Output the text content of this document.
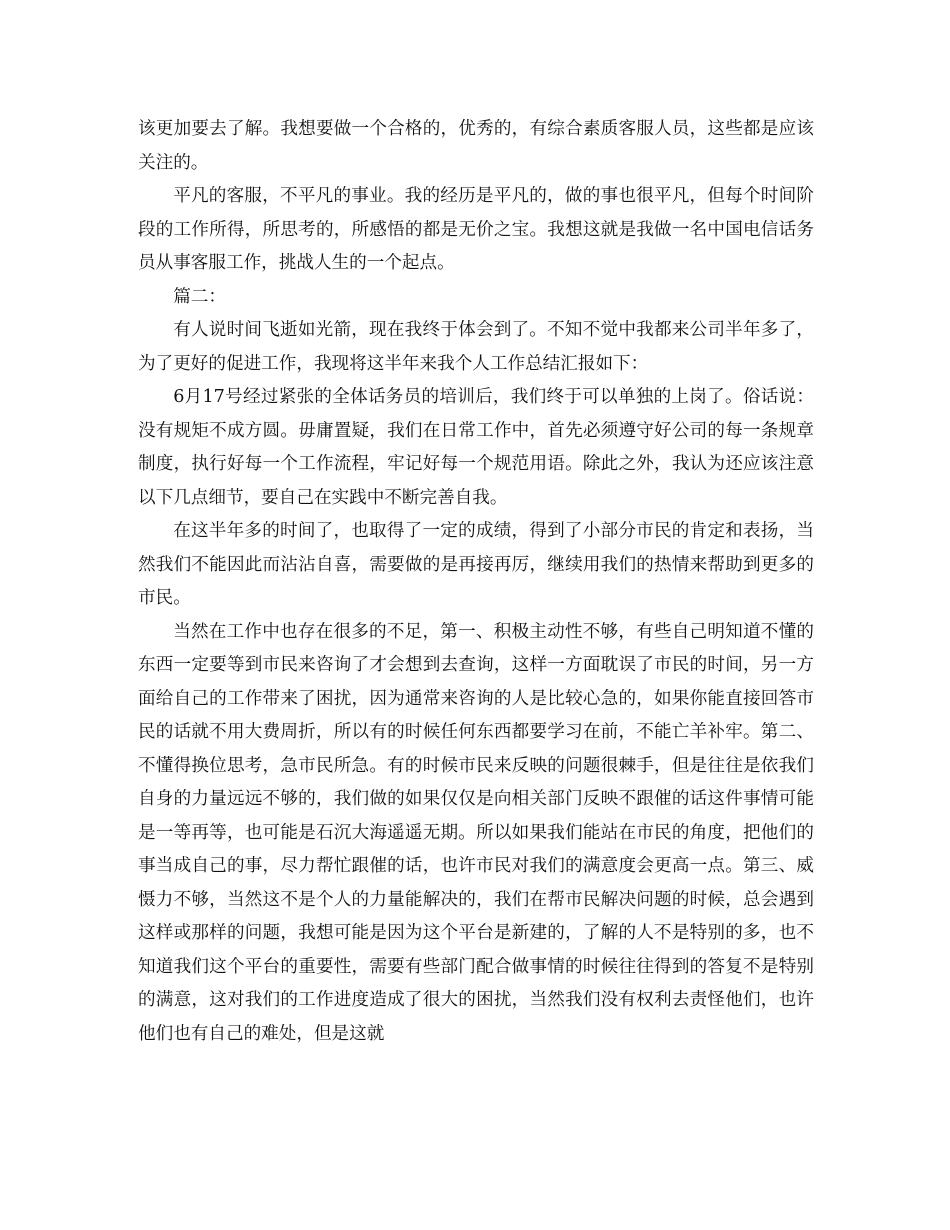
该更加要去了解。我想要做一个合格的，优秀的，有综合素质客服人员，这些都是应该关注的。

平凡的客服，不平凡的事业。我的经历是平凡的，做的事也很平凡，但每个时间阶段的工作所得，所思考的，所感悟的都是无价之宝。我想这就是我做一名中国电信话务员从事客服工作，挑战人生的一个起点。

篇二：

有人说时间飞逝如光箭，现在我终于体会到了。不知不觉中我都来公司半年多了，为了更好的促进工作，我现将这半年来我个人工作总结汇报如下：

6月17号经过紧张的全体话务员的培训后，我们终于可以单独的上岗了。俗话说：没有规矩不成方圆。毋庸置疑，我们在日常工作中，首先必须遵守好公司的每一条规章制度，执行好每一个工作流程，牢记好每一个规范用语。除此之外，我认为还应该注意以下几点细节，要自己在实践中不断完善自我。

在这半年多的时间了，也取得了一定的成绩，得到了小部分市民的肯定和表扬，当然我们不能因此而沾沾自喜，需要做的是再接再厉，继续用我们的热情来帮助到更多的市民。

当然在工作中也存在很多的不足，第一、积极主动性不够，有些自己明知道不懂的东西一定要等到市民来咨询了才会想到去查询，这样一方面耽误了市民的时间，另一方面给自己的工作带来了困扰，因为通常来咨询的人是比较心急的，如果你能直接回答市民的话就不用大费周折，所以有的时候任何东西都要学习在前，不能亡羊补牢。第二、不懂得换位思考，急市民所急。有的时候市民来反映的问题很棘手，但是往往是依我们自身的力量远远不够的，我们做的如果仅仅是向相关部门反映不跟催的话这件事情可能是一等再等，也可能是石沉大海遥遥无期。所以如果我们能站在市民的角度，把他们的事当成自己的事，尽力帮忙跟催的话，也许市民对我们的满意度会更高一点。第三、威慑力不够，当然这不是个人的力量能解决的，我们在帮市民解决问题的时候，总会遇到这样或那样的问题，我想可能是因为这个平台是新建的，了解的人不是特别的多，也不知道我们这个平台的重要性，需要有些部门配合做事情的时候往往得到的答复不是特别的满意，这对我们的工作进度造成了很大的困扰，当然我们没有权利去责怪他们，也许他们也有自己的难处，但是这就
